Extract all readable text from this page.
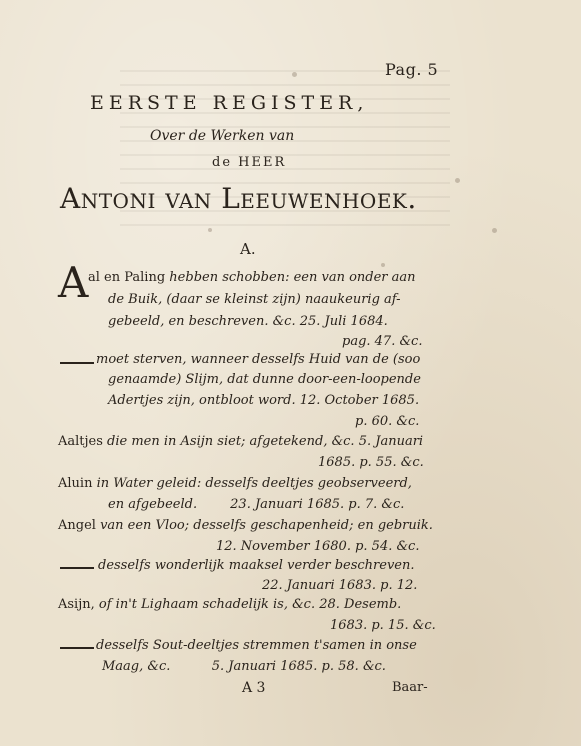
Pag. 5
EERSTE REGISTER,
Over de Werken van
de HEER
Antoni van Leeuwenhoek.
A.
A al en Paling hebben schobben: een van onder aan
de Buik, (daar se kleinst zijn) naaukeurig af-
gebeeld, en beschreven. &c. 25. Juli 1684.
pag. 47. &c.
moet sterven, wanneer desselfs Huid van de (soo
genaamde) Slijm, dat dunne door-een-loopende
Adertjes zijn, ontbloot word. 12. October 1685.
p. 60. &c.
Aaltjes die men in Asijn siet; afgetekend, &c. 5. Januari
1685. p. 55. &c.
Aluin in Water geleid: desselfs deeltjes geobserveerd,
en afgebeeld.        23. Januari 1685. p. 7. &c.
Angel van een Vloo; desselfs geschapenheid; en gebruik.
12. November 1680. p. 54. &c.
desselfs wonderlijk maaksel verder beschreven.
22. Januari 1683. p. 12.
Asijn, of in't Lighaam schadelijk is, &c. 28. Desemb.
1683. p. 15. &c.
desselfs Sout-deeltjes stremmen t'samen in onse
Maag, &c.          5. Januari 1685. p. 58. &c.
A 3	Baar-
